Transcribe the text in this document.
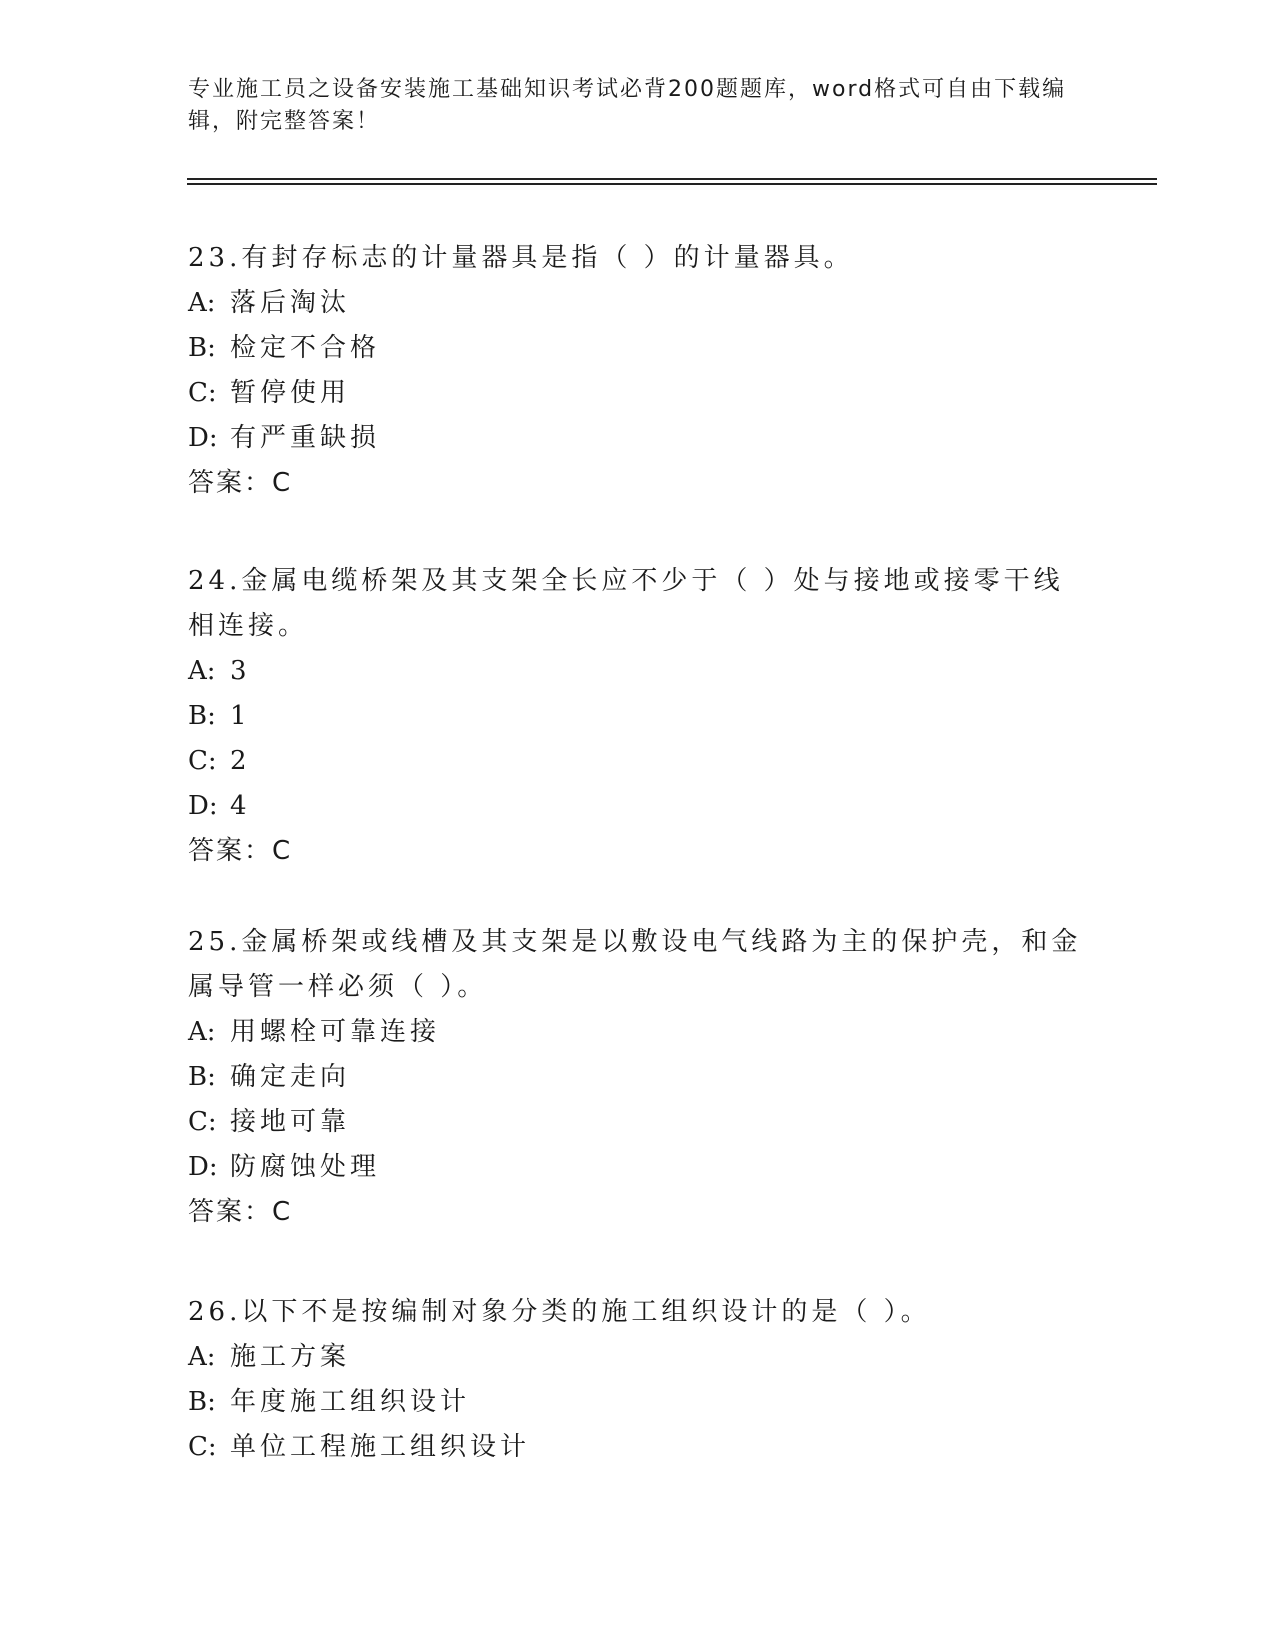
专业施工员之设备安装施工基础知识考试必背200题题库，word格式可自由下载编辑，附完整答案！

23.有封存标志的计量器具是指（ ）的计量器具。

A: 落后淘汰

B: 检定不合格

C: 暂停使用

D: 有严重缺损

答案：C

24.金属电缆桥架及其支架全长应不少于（ ）处与接地或接零干线相连接。

A: 3

B: 1

C: 2

D: 4

答案：C

25.金属桥架或线槽及其支架是以敷设电气线路为主的保护壳，和金属导管一样必须（ ）。

A: 用螺栓可靠连接

B: 确定走向

C: 接地可靠

D: 防腐蚀处理

答案：C

26.以下不是按编制对象分类的施工组织设计的是（ ）。

A: 施工方案

B: 年度施工组织设计

C: 单位工程施工组织设计
